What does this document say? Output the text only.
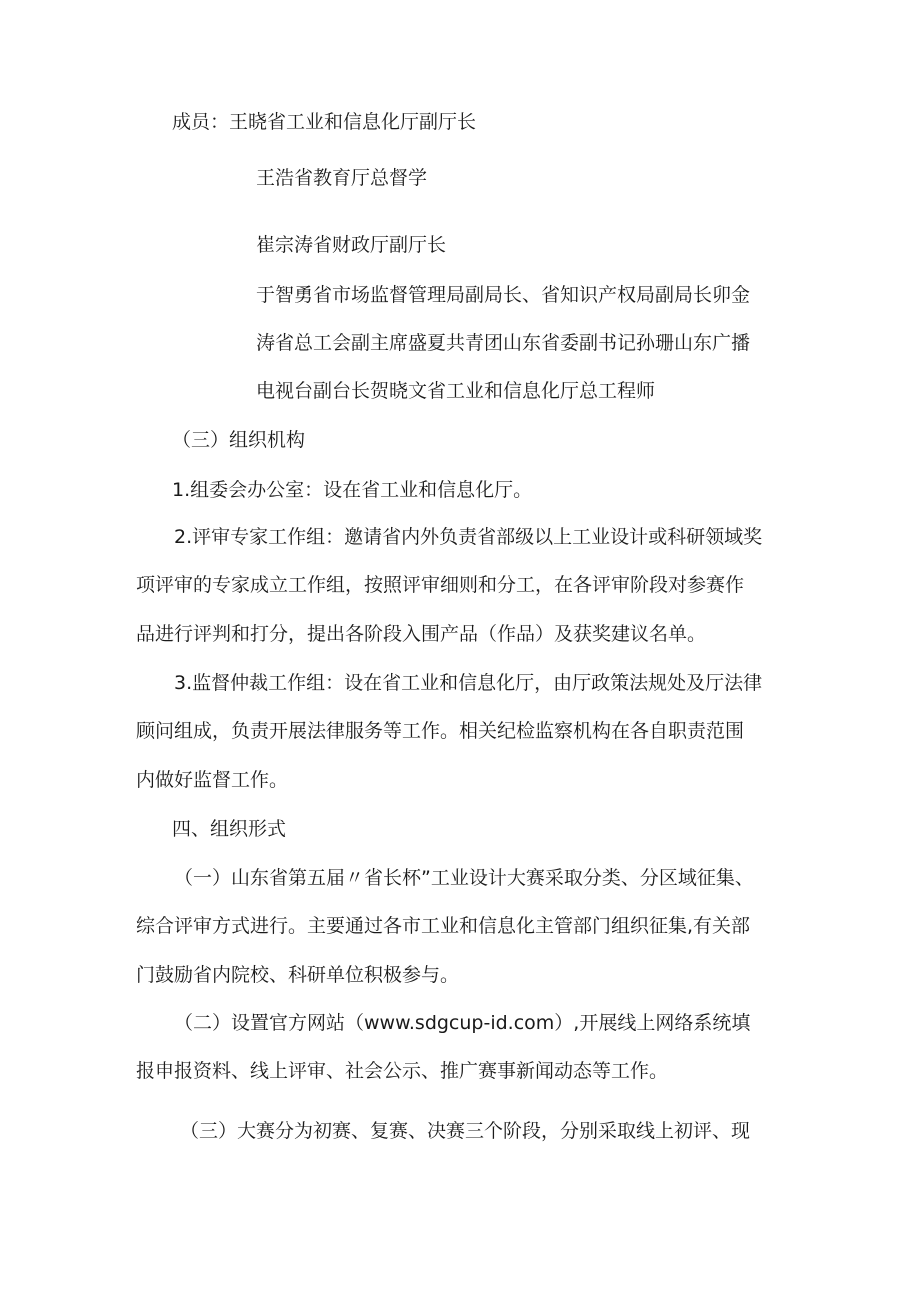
成员：王晓省工业和信息化厅副厅长
王浩省教育厅总督学
崔宗涛省财政厅副厅长
于智勇省市场监督管理局副局长、省知识产权局副局长卯金
涛省总工会副主席盛夏共青团山东省委副书记孙珊山东广播
电视台副台长贺晓文省工业和信息化厅总工程师
（三）组织机构
1.组委会办公室：设在省工业和信息化厅。
2.评审专家工作组：邀请省内外负责省部级以上工业设计或科研领域奖
项评审的专家成立工作组，按照评审细则和分工，在各评审阶段对参赛作
品进行评判和打分，提出各阶段入围产品（作品）及获奖建议名单。
3.监督仲裁工作组：设在省工业和信息化厅，由厅政策法规处及厅法律
顾问组成，负责开展法律服务等工作。相关纪检监察机构在各自职责范围
内做好监督工作。
四、组织形式
（一）山东省第五届〃省长杯”工业设计大赛采取分类、分区域征集、
综合评审方式进行。主要通过各市工业和信息化主管部门组织征集,有关部
门鼓励省内院校、科研单位积极参与。
（二）设置官方网站（www.sdgcup-id.com）,开展线上网络系统填
报申报资料、线上评审、社会公示、推广赛事新闻动态等工作。
（三）大赛分为初赛、复赛、决赛三个阶段，分别采取线上初评、现
